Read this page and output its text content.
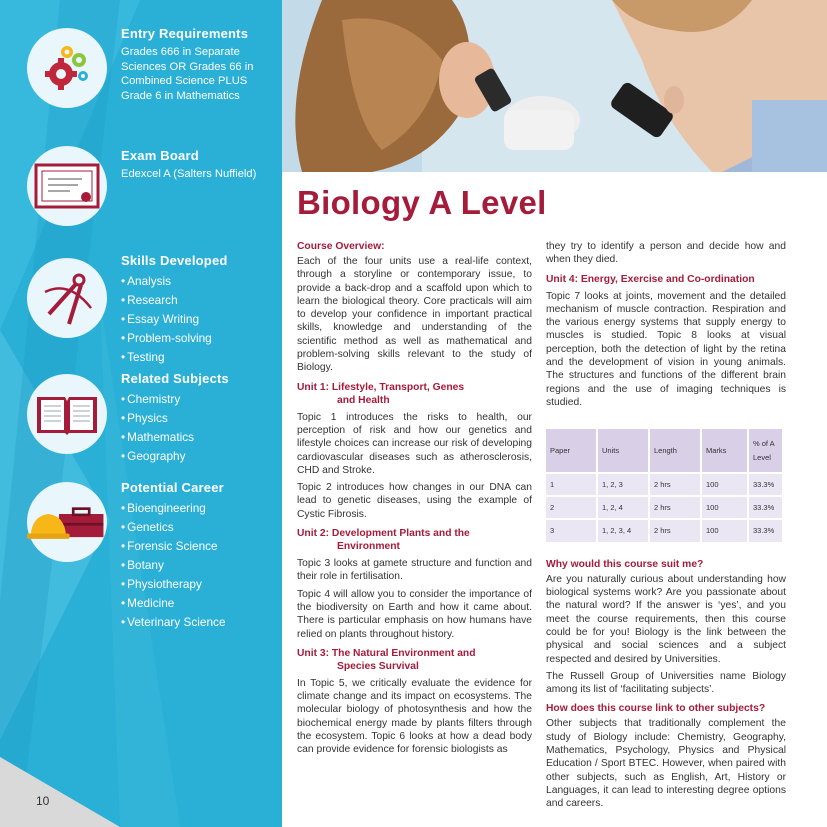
Entry Requirements

Grades 666 in Separate Sciences OR Grades 66 in Combined Science PLUS Grade 6 in Mathematics

Exam Board

Edexcel A (Salters Nuffield)

Skills Developed
• Analysis
• Research
• Essay Writing
• Problem-solving
• Testing
Related Subjects
• Chemistry
• Physics
• Mathematics
• Geography
Potential Career
• Bioengineering
• Genetics
• Forensic Science
• Botany
• Physiotherapy
• Medicine
• Veterinary Science
10
Biology A Level
Course Overview:

Each of the four units use a real-life context, through a storyline or contemporary issue, to provide a back-drop and a scaffold upon which to learn the biological theory. Core practicals will aim to develop your confidence in important practical skills, knowledge and understanding of the scientific method as well as mathematical and problem-solving skills relevant to the study of Biology.

Unit 1: Lifestyle, Transport, Genes
and Health

Topic 1 introduces the risks to health, our perception of risk and how our genetics and lifestyle choices can increase our risk of developing cardiovascular diseases such as atherosclerosis, CHD and Stroke.

Topic 2 introduces how changes in our DNA can lead to genetic diseases, using the example of Cystic Fibrosis.

Unit 2: Development Plants and the
Environment

Topic 3 looks at gamete structure and function and their role in fertilisation.

Topic 4 will allow you to consider the importance of the biodiversity on Earth and how it came about. There is particular emphasis on how humans have relied on plants throughout history.

Unit 3: The Natural Environment and
Species Survival

In Topic 5, we critically evaluate the evidence for climate change and its impact on ecosystems. The molecular biology of photosynthesis and how the biochemical energy made by plants filters through the ecosystem. Topic 6 looks at how a dead body can provide evidence for forensic biologists as

they try to identify a person and decide how and when they died.

Unit 4: Energy, Exercise and Co-ordination

Topic 7 looks at joints, movement and the detailed mechanism of muscle contraction. Respiration and the various energy systems that supply energy to muscles is studied. Topic 8 looks at visual perception, both the detection of light by the retina and the development of vision in young animals. The structures and functions of the different brain regions and the use of imaging techniques is studied.

Paper	Units	Length	Marks	% of A Level
1	1, 2, 3	2 hrs	100	33.3%
2	1, 2, 4	2 hrs	100	33.3%
3	1, 2, 3, 4	2 hrs	100	33.3%
Why would this course suit me?

Are you naturally curious about understanding how biological systems work? Are you passionate about the natural word? If the answer is ‘yes’, and you meet the course requirements, then this course could be for you! Biology is the link between the physical and social sciences and a subject respected and desired by Universities.

The Russell Group of Universities name Biology among its list of ‘facilitating subjects’.

How does this course link to other subjects?

Other subjects that traditionally complement the study of Biology include: Chemistry, Geography, Mathematics, Psychology, Physics and Physical Education / Sport BTEC. However, when paired with other subjects, such as English, Art, History or Languages, it can lead to interesting degree options and careers.
